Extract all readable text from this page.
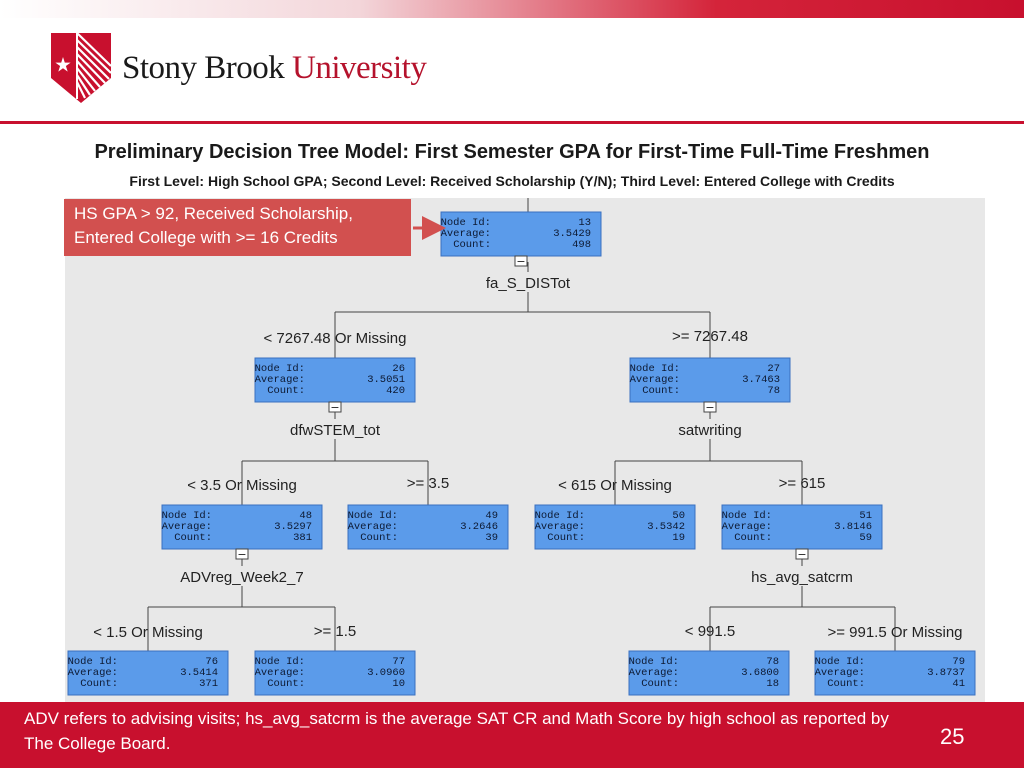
Stony Brook University
Preliminary Decision Tree Model: First Semester GPA for First-Time Full-Time Freshmen
First Level: High School GPA; Second Level: Received Scholarship (Y/N); Third Level: Entered College with Credits
Node Id:	13
Average:	3.5429
Count:	498
−
Node Id:	26
Average:	3.5051
Count:	420
−
Node Id:	27
Average:	3.7463
Count:	78
−
Node Id:	48
Average:	3.5297
Count:	381
−
Node Id:	49
Average:	3.2646
Count:	39
Node Id:	50
Average:	3.5342
Count:	19
Node Id:	51
Average:	3.8146
Count:	59
−
Node Id:	76
Average:	3.5414
Count:	371
Node Id:	77
Average:	3.0960
Count:	10
Node Id:	78
Average:	3.6800
Count:	18
Node Id:	79
Average:	3.8737
Count:	41
fa_S_DISTot
dfwSTEM_tot	satwriting
ADVreg_Week2_7	hs_avg_satcrm
< 7267.48 Or Missing	>= 7267.48
< 3.5 Or Missing	>= 3.5	< 615 Or Missing	>= 615
< 1.5 Or Missing	>= 1.5	< 991.5	>= 991.5 Or Missing
HS GPA > 92, Received Scholarship, Entered College with >= 16 Credits
ADV refers to advising visits; hs_avg_satcrm is the average SAT CR and Math Score by high school as reported by The College Board.	25
